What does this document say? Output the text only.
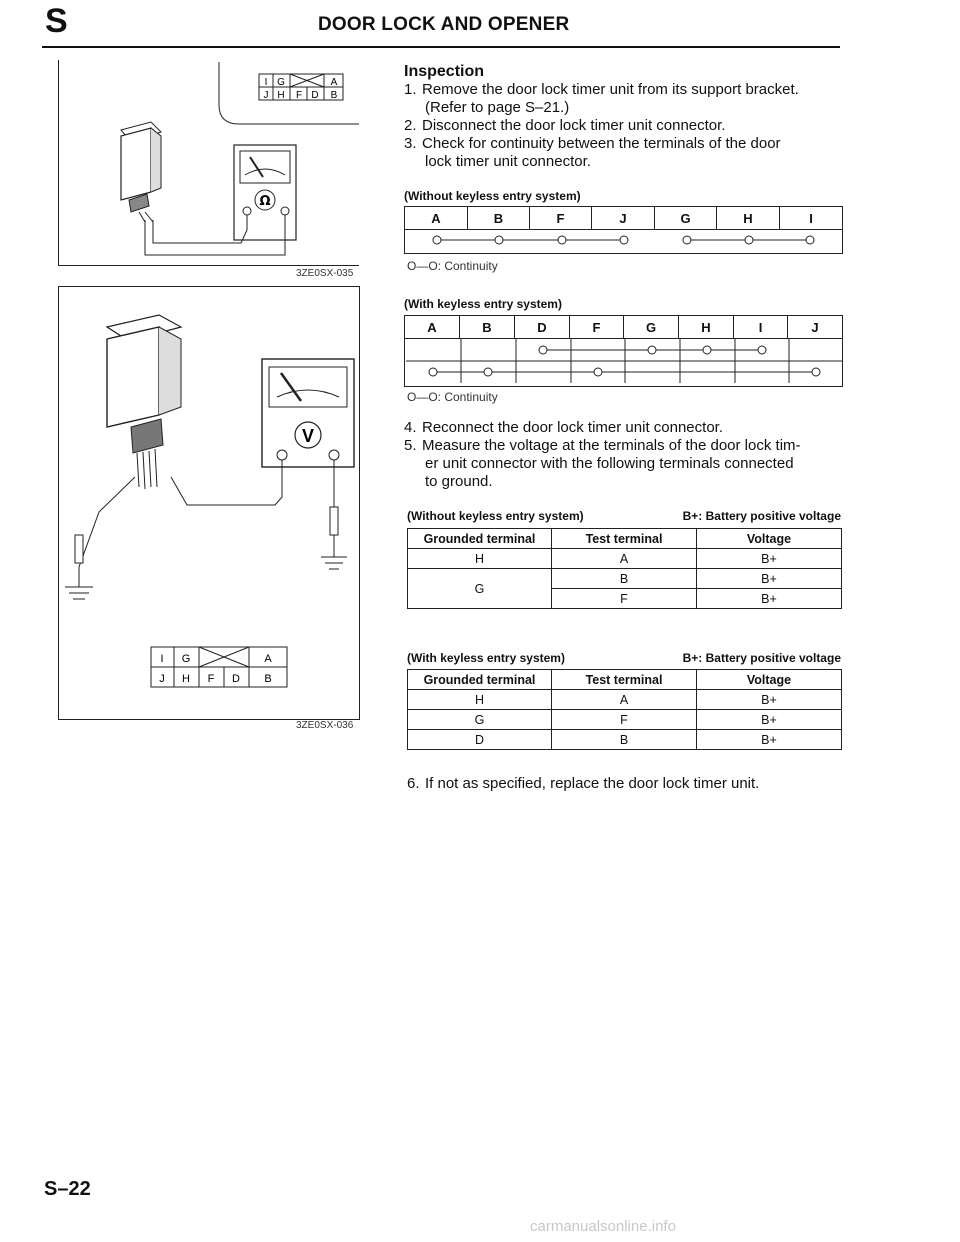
S	DOOR LOCK AND OPENER
I G	A
J H F D B
Ω
3ZE0SX-035
V
I G	A
J H F D B
3ZE0SX-036
Inspection
1. Remove the door lock timer unit from its support bracket.
(Refer to page S–21.)
2. Disconnect the door lock timer unit connector.
3. Check for continuity between the terminals of the door
lock timer unit connector.
(Without keyless entry system)
A	B	F	J	G	H	I

O—O: Continuity
(With keyless entry system)
A	B	D	F	G	H	I	J

O—O: Continuity
4. Reconnect the door lock timer unit connector.
5. Measure the voltage at the terminals of the door lock tim-
er unit connector with the following terminals connected
to ground.
(Without keyless entry system)	B+: Battery positive voltage
Grounded terminal	Test terminal	Voltage
H	A	B+
G	B	B+
	F	B+
(With keyless entry system)	B+: Battery positive voltage
Grounded terminal	Test terminal	Voltage
H	A	B+
G	F	B+
D	B	B+
6. If not as specified, replace the door lock timer unit.
S–22
carmanualsonline.info
